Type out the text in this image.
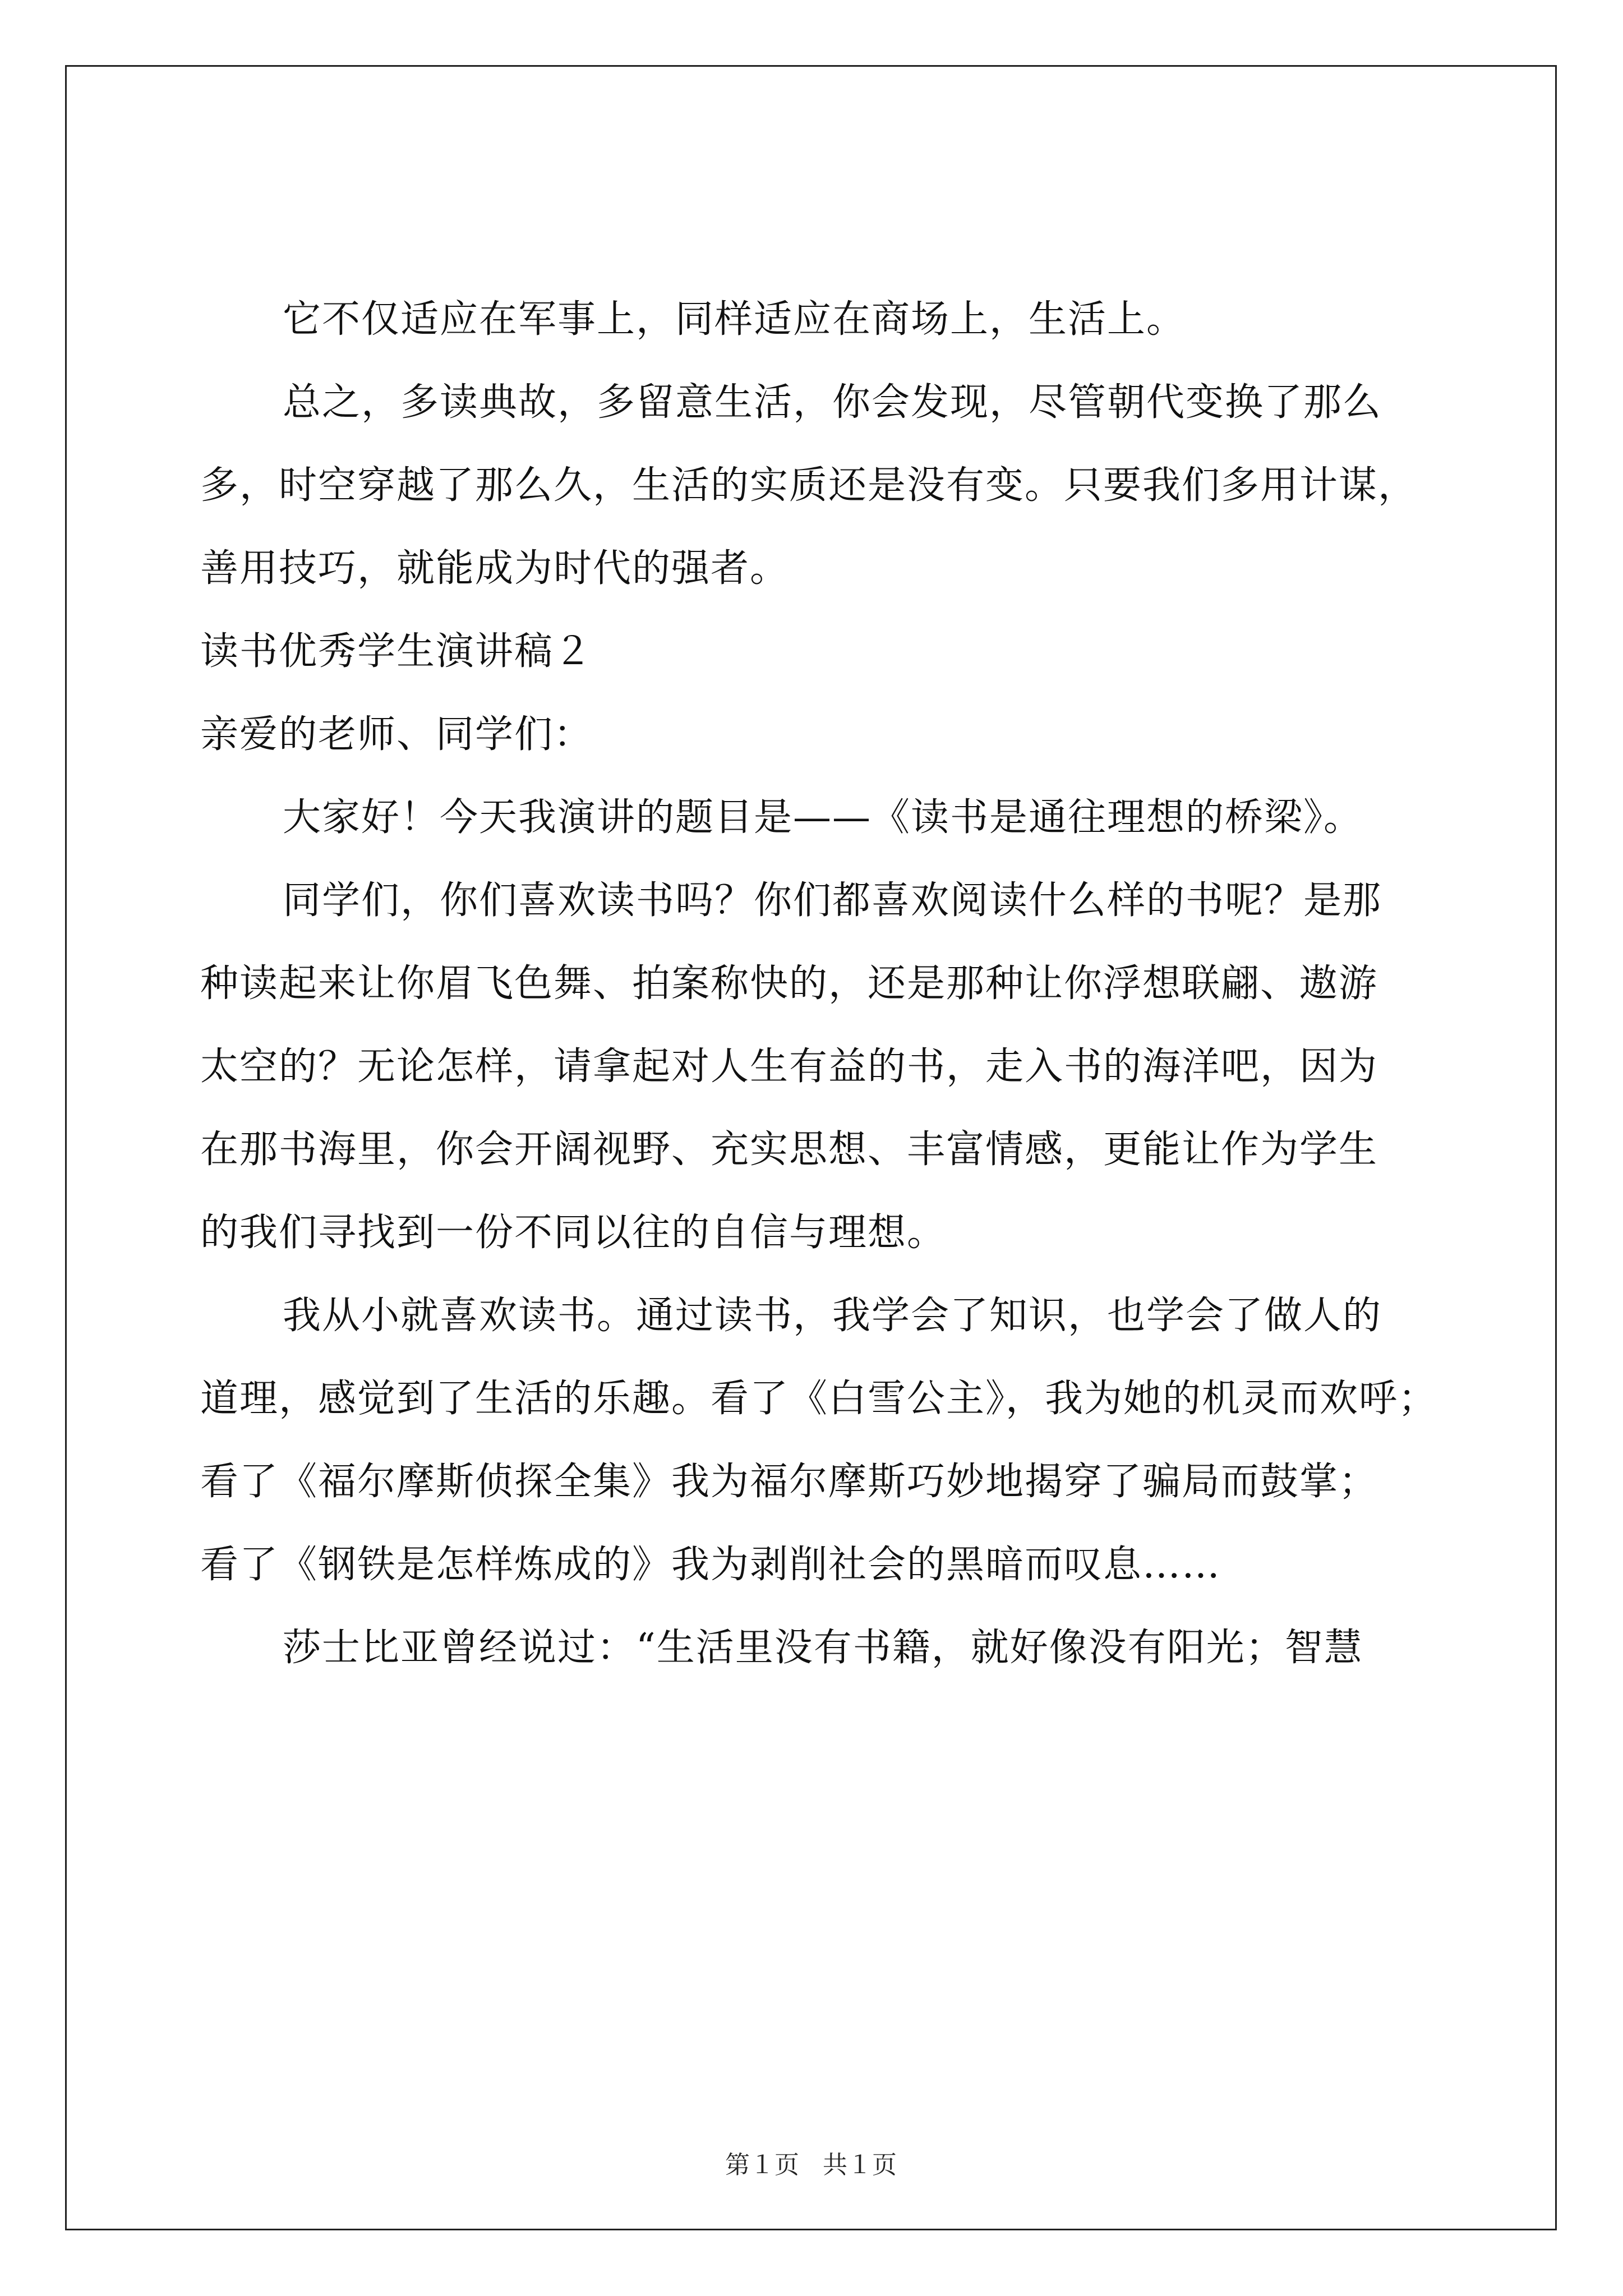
它不仅适应在军事上，同样适应在商场上，生活上。
总之，多读典故，多留意生活，你会发现，尽管朝代变换了那么
多，时空穿越了那么久，生活的实质还是没有变。只要我们多用计谋，
善用技巧，就能成为时代的强者。
读书优秀学生演讲稿２
亲爱的老师、同学们：
大家好！今天我演讲的题目是——《读书是通往理想的桥梁》。
同学们，你们喜欢读书吗？你们都喜欢阅读什么样的书呢？是那
种读起来让你眉飞色舞、拍案称快的，还是那种让你浮想联翩、遨游
太空的？无论怎样，请拿起对人生有益的书，走入书的海洋吧，因为
在那书海里，你会开阔视野、充实思想、丰富情感，更能让作为学生
的我们寻找到一份不同以往的自信与理想。
我从小就喜欢读书。通过读书，我学会了知识，也学会了做人的
道理，感觉到了生活的乐趣。看了《白雪公主》，我为她的机灵而欢呼；
看了《福尔摩斯侦探全集》我为福尔摩斯巧妙地揭穿了骗局而鼓掌；
看了《钢铁是怎样炼成的》我为剥削社会的黑暗而叹息……
莎士比亚曾经说过：“生活里没有书籍，就好像没有阳光；智慧
第１页 共１页
